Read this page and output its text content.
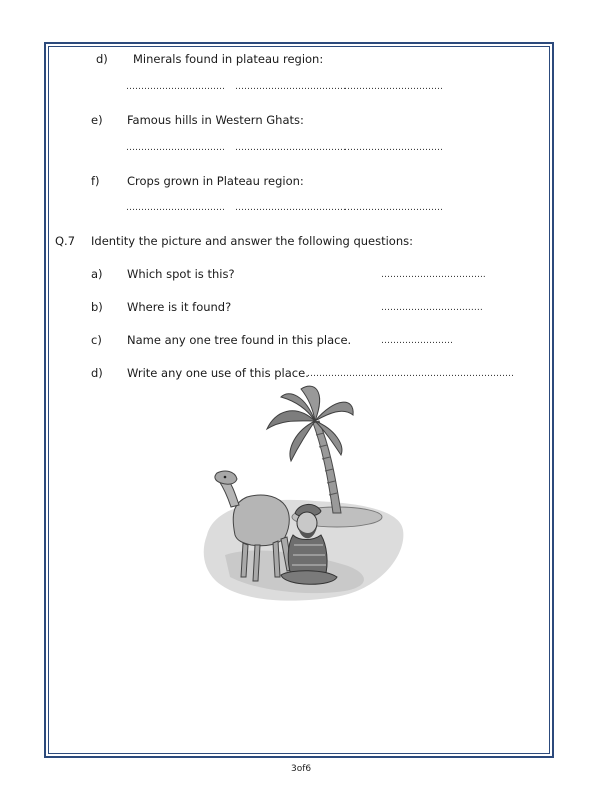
d) Minerals found in plateau region:
…………………………… ……………………………….
……………………………
e) Famous hills in Western Ghats:
…………………………… ……………………………….
……………………………
f) Crops grown in Plateau region:
…………………………… ……………………………….
……………………………
Q.7 Identity the picture and answer the following questions:
a) Which spot is this?	……………………………..
b) Where is it found?	……………………….……
c) Name any one tree found in this place.	……………………
d) Write any one use of this place.
……………………………………………………………
3of6
